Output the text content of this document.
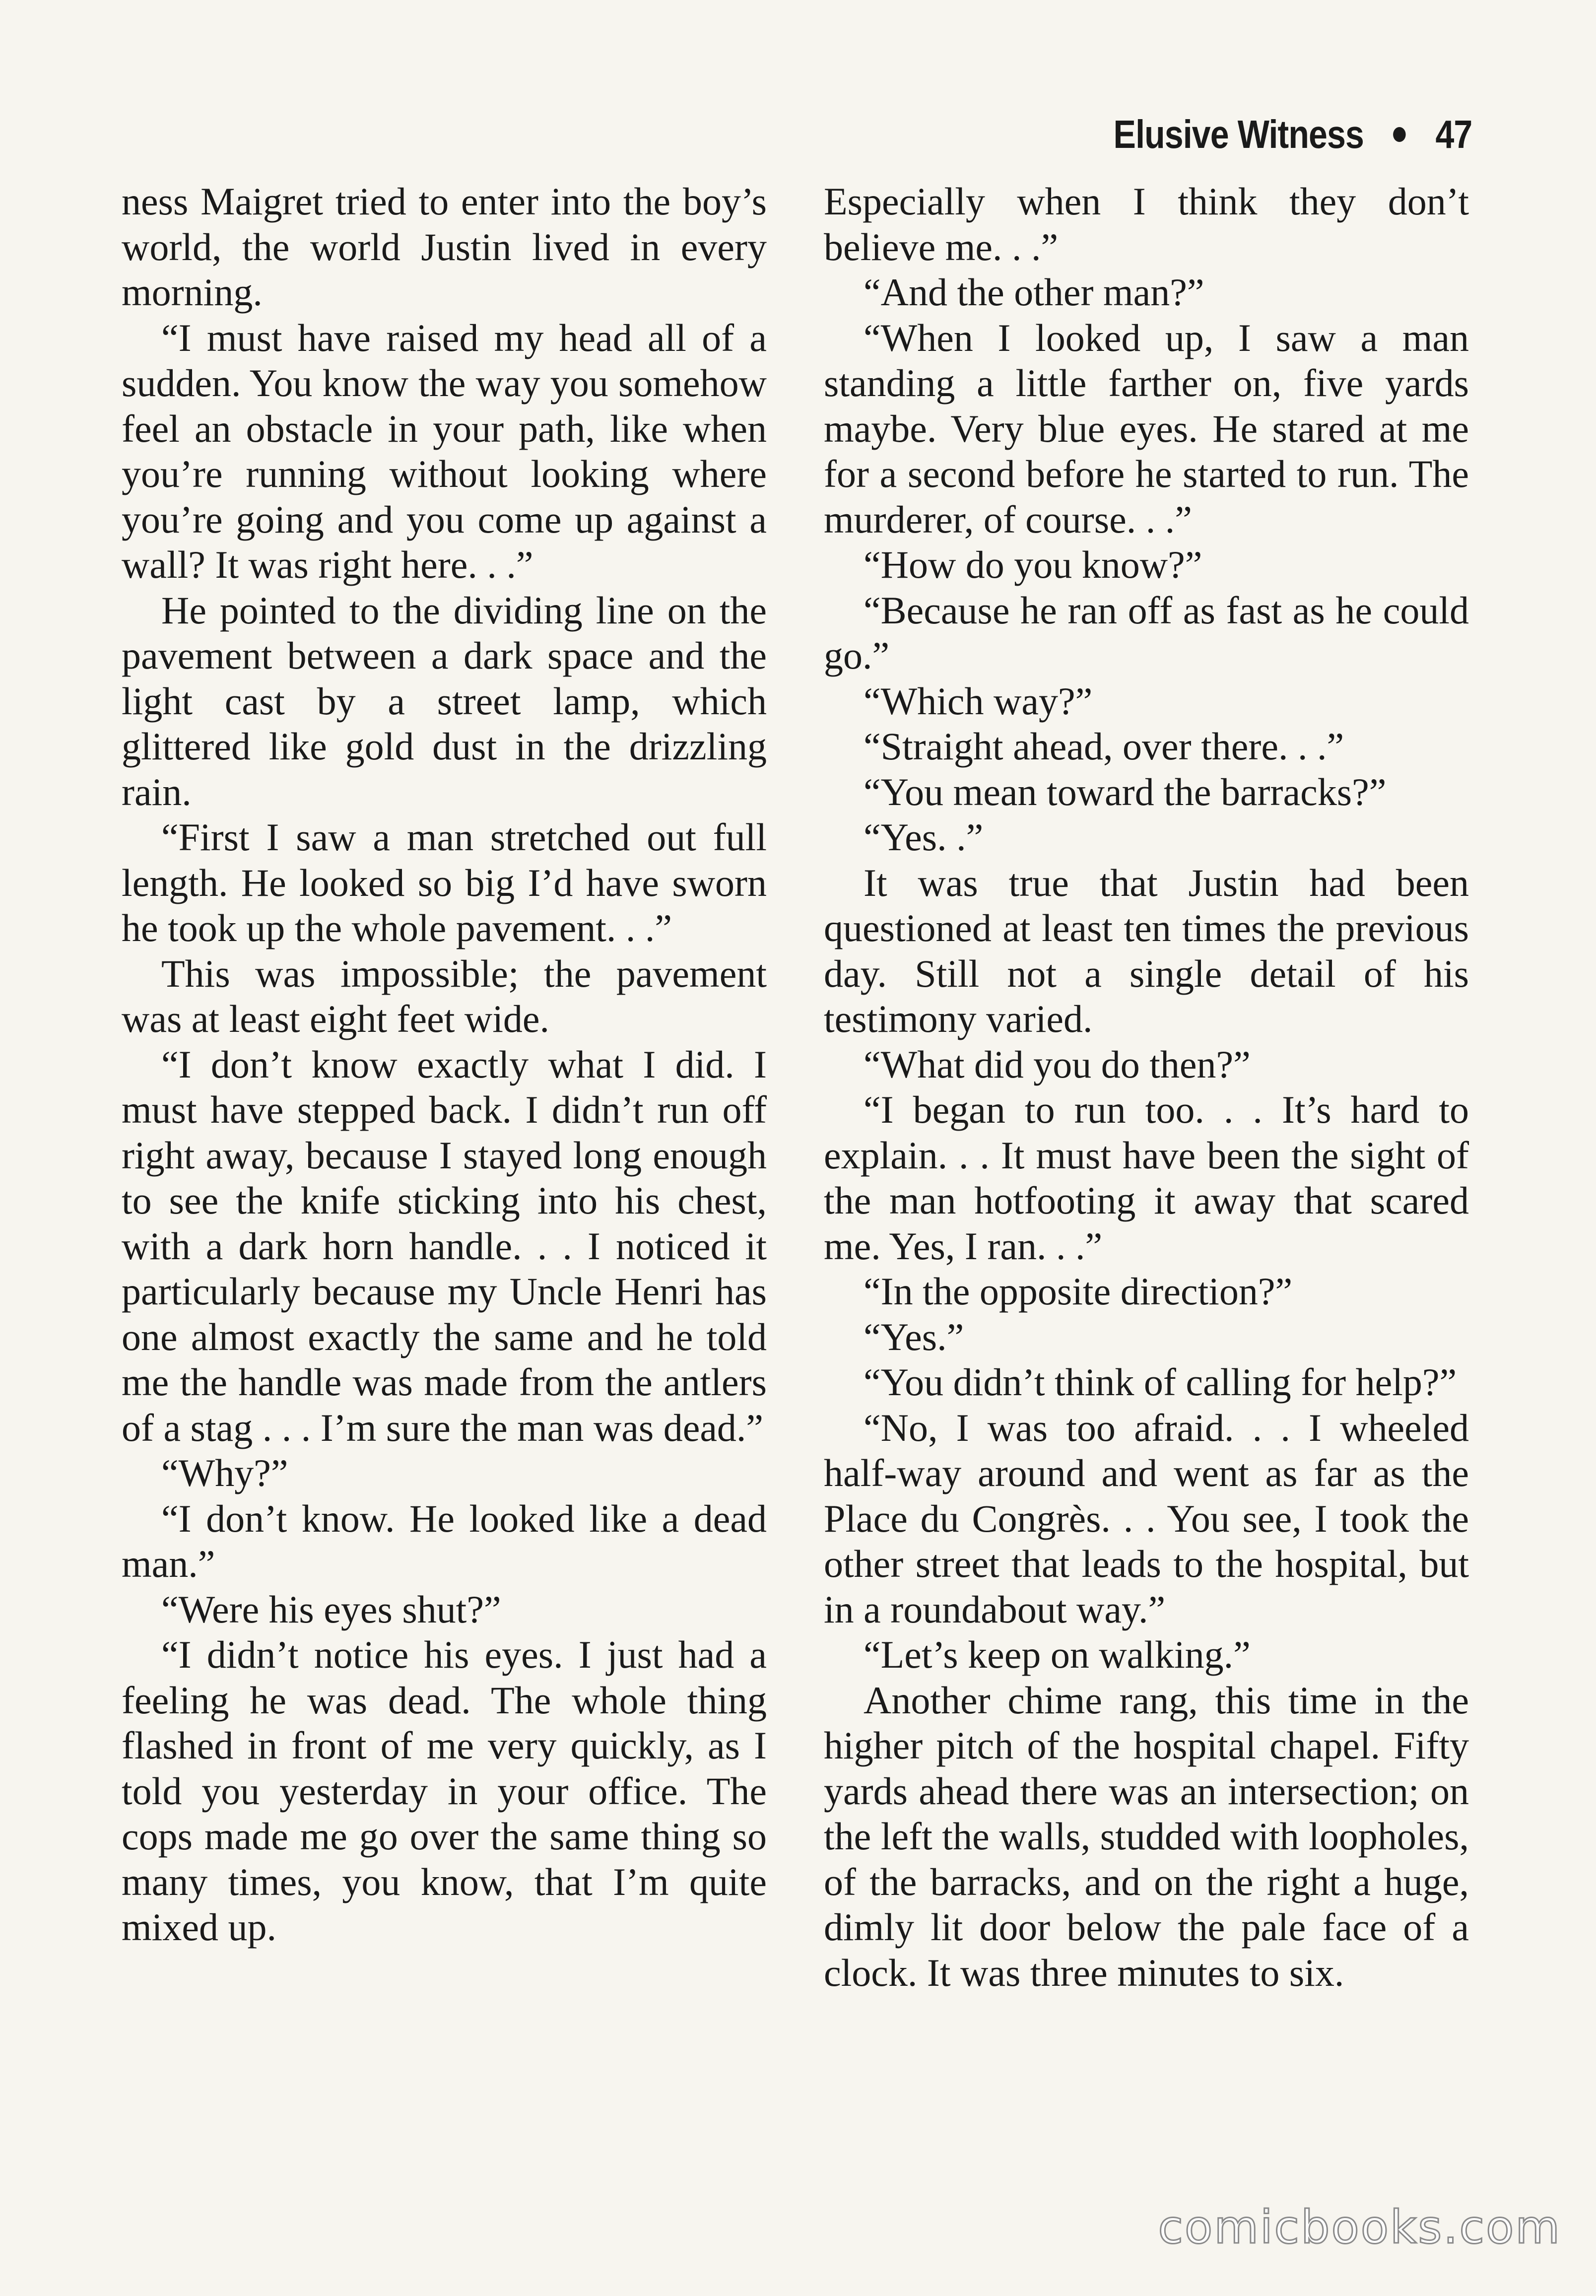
Elusive Witness 47

ness Maigret tried to enter into the boy’s world, the world Justin lived in every morning.

“I must have raised my head all of a sudden. You know the way you somehow feel an obstacle in your path, like when you’re running without looking where you’re going and you come up against a wall? It was right here. . .”

He pointed to the dividing line on the pavement between a dark space and the light cast by a street lamp, which glittered like gold dust in the drizzling rain.

“First I saw a man stretched out full length. He looked so big I’d have sworn he took up the whole pavement. . .”

This was impossible; the pavement was at least eight feet wide.

“I don’t know exactly what I did. I must have stepped back. I didn’t run off right away, because I stayed long enough to see the knife sticking into his chest, with a dark horn handle. . . I noticed it particularly because my Uncle Henri has one almost exactly the same and he told me the handle was made from the antlers of a stag . . . I’m sure the man was dead.”

“Why?”

“I don’t know. He looked like a dead man.”

“Were his eyes shut?”

“I didn’t notice his eyes. I just had a feeling he was dead. The whole thing flashed in front of me very quickly, as I told you yesterday in your office. The cops made me go over the same thing so many times, you know, that I’m quite mixed up.

Especially when I think they don’t believe me. . .”

“And the other man?”

“When I looked up, I saw a man standing a little farther on, five yards maybe. Very blue eyes. He stared at me for a second before he started to run. The murderer, of course. . .”

“How do you know?”

“Because he ran off as fast as he could go.”

“Which way?”

“Straight ahead, over there. . .”

“You mean toward the barracks?”

“Yes. .”

It was true that Justin had been questioned at least ten times the previous day. Still not a single detail of his testimony varied.

“What did you do then?”

“I began to run too. . . It’s hard to explain. . . It must have been the sight of the man hotfooting it away that scared me. Yes, I ran. . .”

“In the opposite direction?”

“Yes.”

“You didn’t think of calling for help?”

“No, I was too afraid. . . I wheeled half-way around and went as far as the Place du Congrès. . . You see, I took the other street that leads to the hospital, but in a roundabout way.”

“Let’s keep on walking.”

Another chime rang, this time in the higher pitch of the hospital chapel. Fifty yards ahead there was an intersection; on the left the walls, studded with loopholes, of the barracks, and on the right a huge, dimly lit door below the pale face of a clock. It was three minutes to six.

comicbooks.com
